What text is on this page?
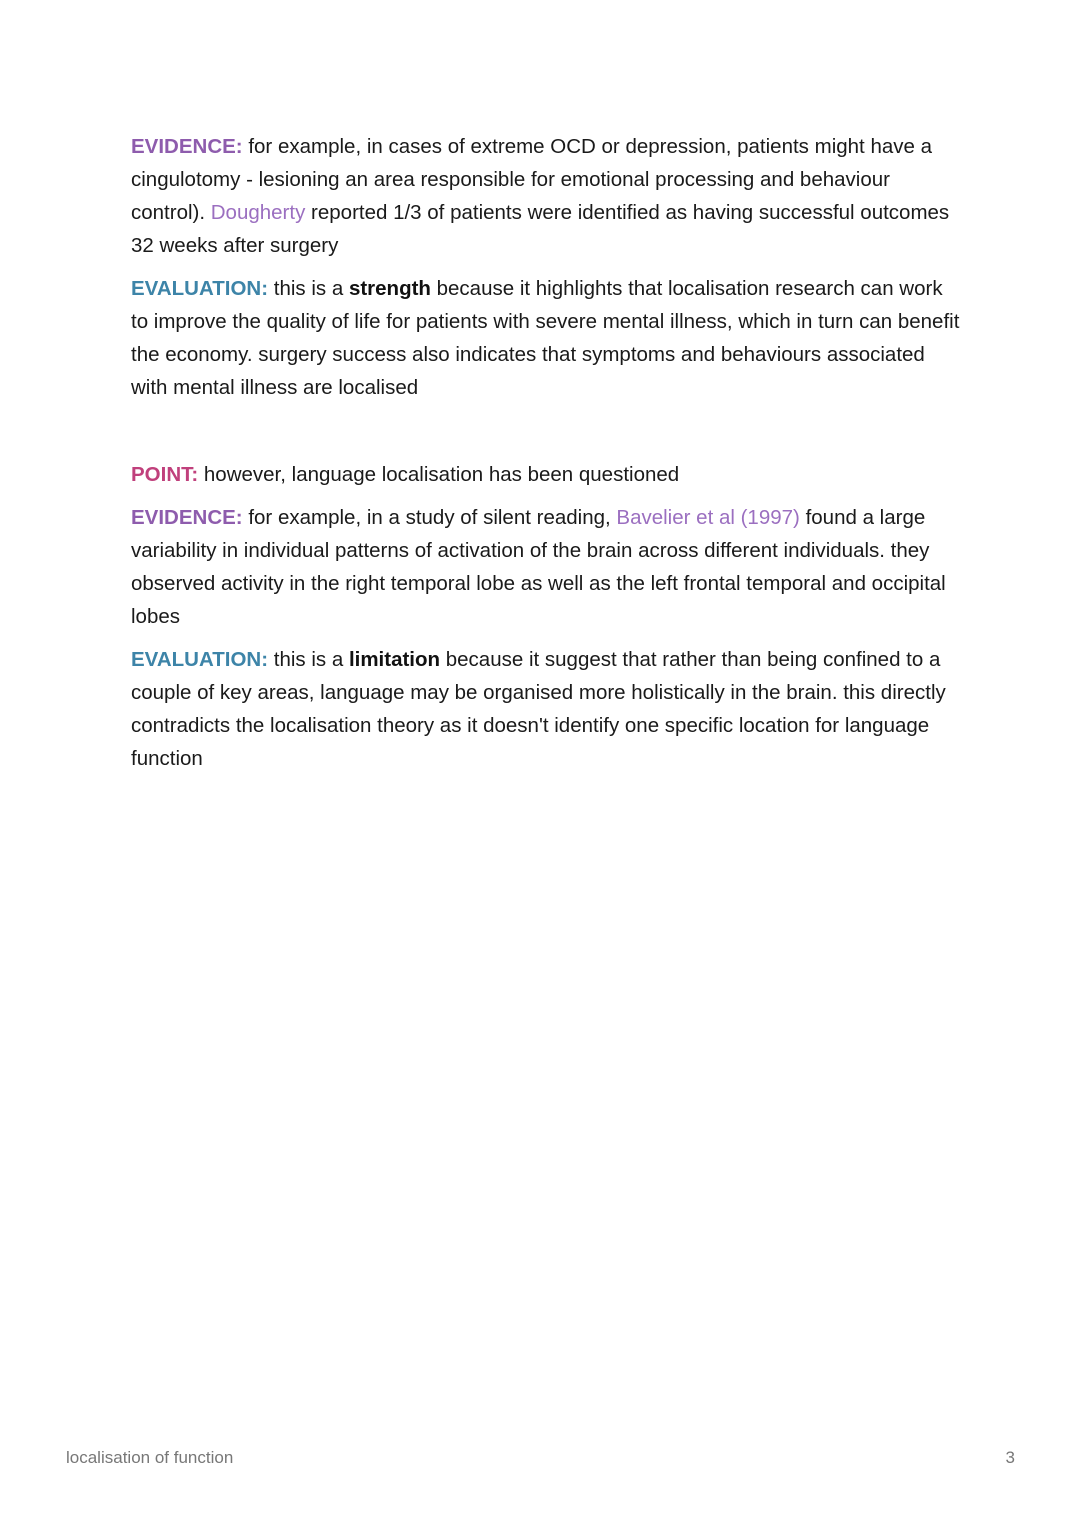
EVIDENCE: for example, in cases of extreme OCD or depression, patients might have a cingulotomy - lesioning an area responsible for emotional processing and behaviour control). Dougherty reported 1/3 of patients were identified as having successful outcomes 32 weeks after surgery

EVALUATION: this is a strength because it highlights that localisation research can work to improve the quality of life for patients with severe mental illness, which in turn can benefit the economy. surgery success also indicates that symptoms and behaviours associated with mental illness are localised

POINT: however, language localisation has been questioned

EVIDENCE: for example, in a study of silent reading, Bavelier et al (1997) found a large variability in individual patterns of activation of the brain across different individuals. they observed activity in the right temporal lobe as well as the left frontal temporal and occipital lobes

EVALUATION: this is a limitation because it suggest that rather than being confined to a couple of key areas, language may be organised more holistically in the brain. this directly contradicts the localisation theory as it doesn't identify one specific location for language function

localisation of function	3
